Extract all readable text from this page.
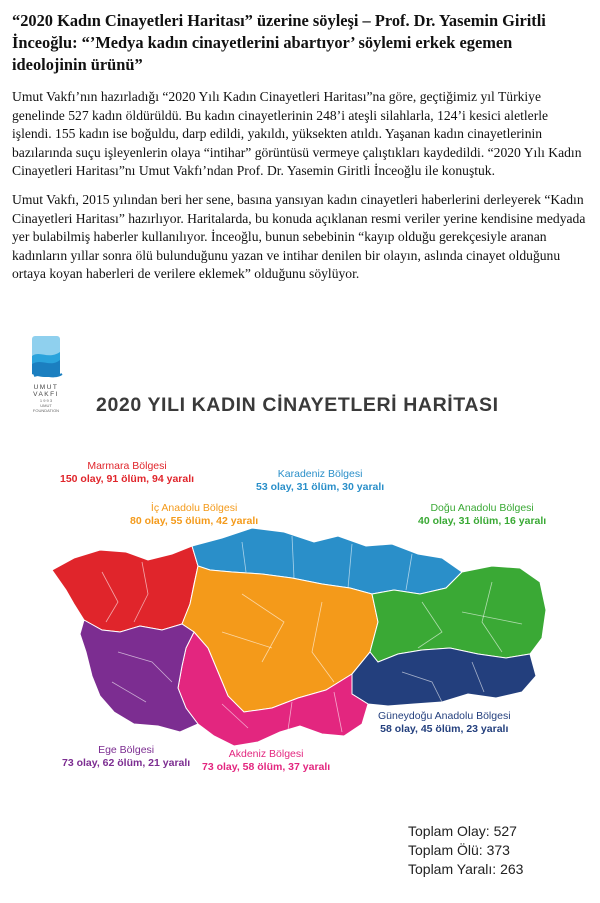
“2020 Kadın Cinayetleri Haritası” üzerine söyleşi – Prof. Dr. Yasemin Giritli İnceoğlu: “’Medya kadın cinayetlerini abartıyor’ söylemi erkek egemen ideolojinin ürünü”

Umut Vakfı’nın hazırladığı “2020 Yılı Kadın Cinayetleri Haritası”na göre, geçtiğimiz yıl Türkiye genelinde 527 kadın öldürüldü. Bu kadın cinayetlerinin 248’i ateşli silahlarla, 124’i kesici aletlerle işlendi. 155 kadın ise boğuldu, darp edildi, yakıldı, yüksekten atıldı. Yaşanan kadın cinayetlerinin bazılarında suçu işleyenlerin olaya “intihar” görüntüsü vermeye çalıştıkları kaydedildi. “2020 Yılı Kadın Cinayetleri Haritası”nı Umut Vakfı’ndan Prof. Dr. Yasemin Giritli İnceoğlu ile konuştuk.

Umut Vakfı, 2015 yılından beri her sene, basına yansıyan kadın cinayetleri haberlerini derleyerek “Kadın Cinayetleri Haritası” hazırlıyor. Haritalarda, bu konuda açıklanan resmi veriler yerine kendisine medyada yer bulabilmiş haberler kullanılıyor. İnceoğlu, bunun sebebinin “kayıp olduğu gerekçesiyle aranan kadınların yıllar sonra ölü bulunduğunu yazan ve intihar denilen bir olayın, aslında cinayet olduğunu ortaya koyan haberleri de verilere eklemek” olduğunu söylüyor.

UMUT
VAKFI
1 9 9 3
UMUT
FOUNDATION	2020 YILI KADIN CİNAYETLERİ HARİTASI
Marmara Bölgesi
150 olay, 91 ölüm, 94 yaralı	Karadeniz Bölgesi
53 olay, 31 ölüm, 30 yaralı
İç Anadolu Bölgesi
80 olay, 55 ölüm, 42 yaralı
Doğu Anadolu Bölgesi
40 olay, 31 ölüm, 16 yaralı
Güneydoğu Anadolu Bölgesi
58 olay, 45 ölüm, 23 yaralı
Akdeniz Bölgesi
73 olay, 58 ölüm, 37 yaralı
Ege Bölgesi
73 olay, 62 ölüm, 21 yaralı
Toplam Olay: 527
Toplam Ölü: 373
Toplam Yaralı: 263
